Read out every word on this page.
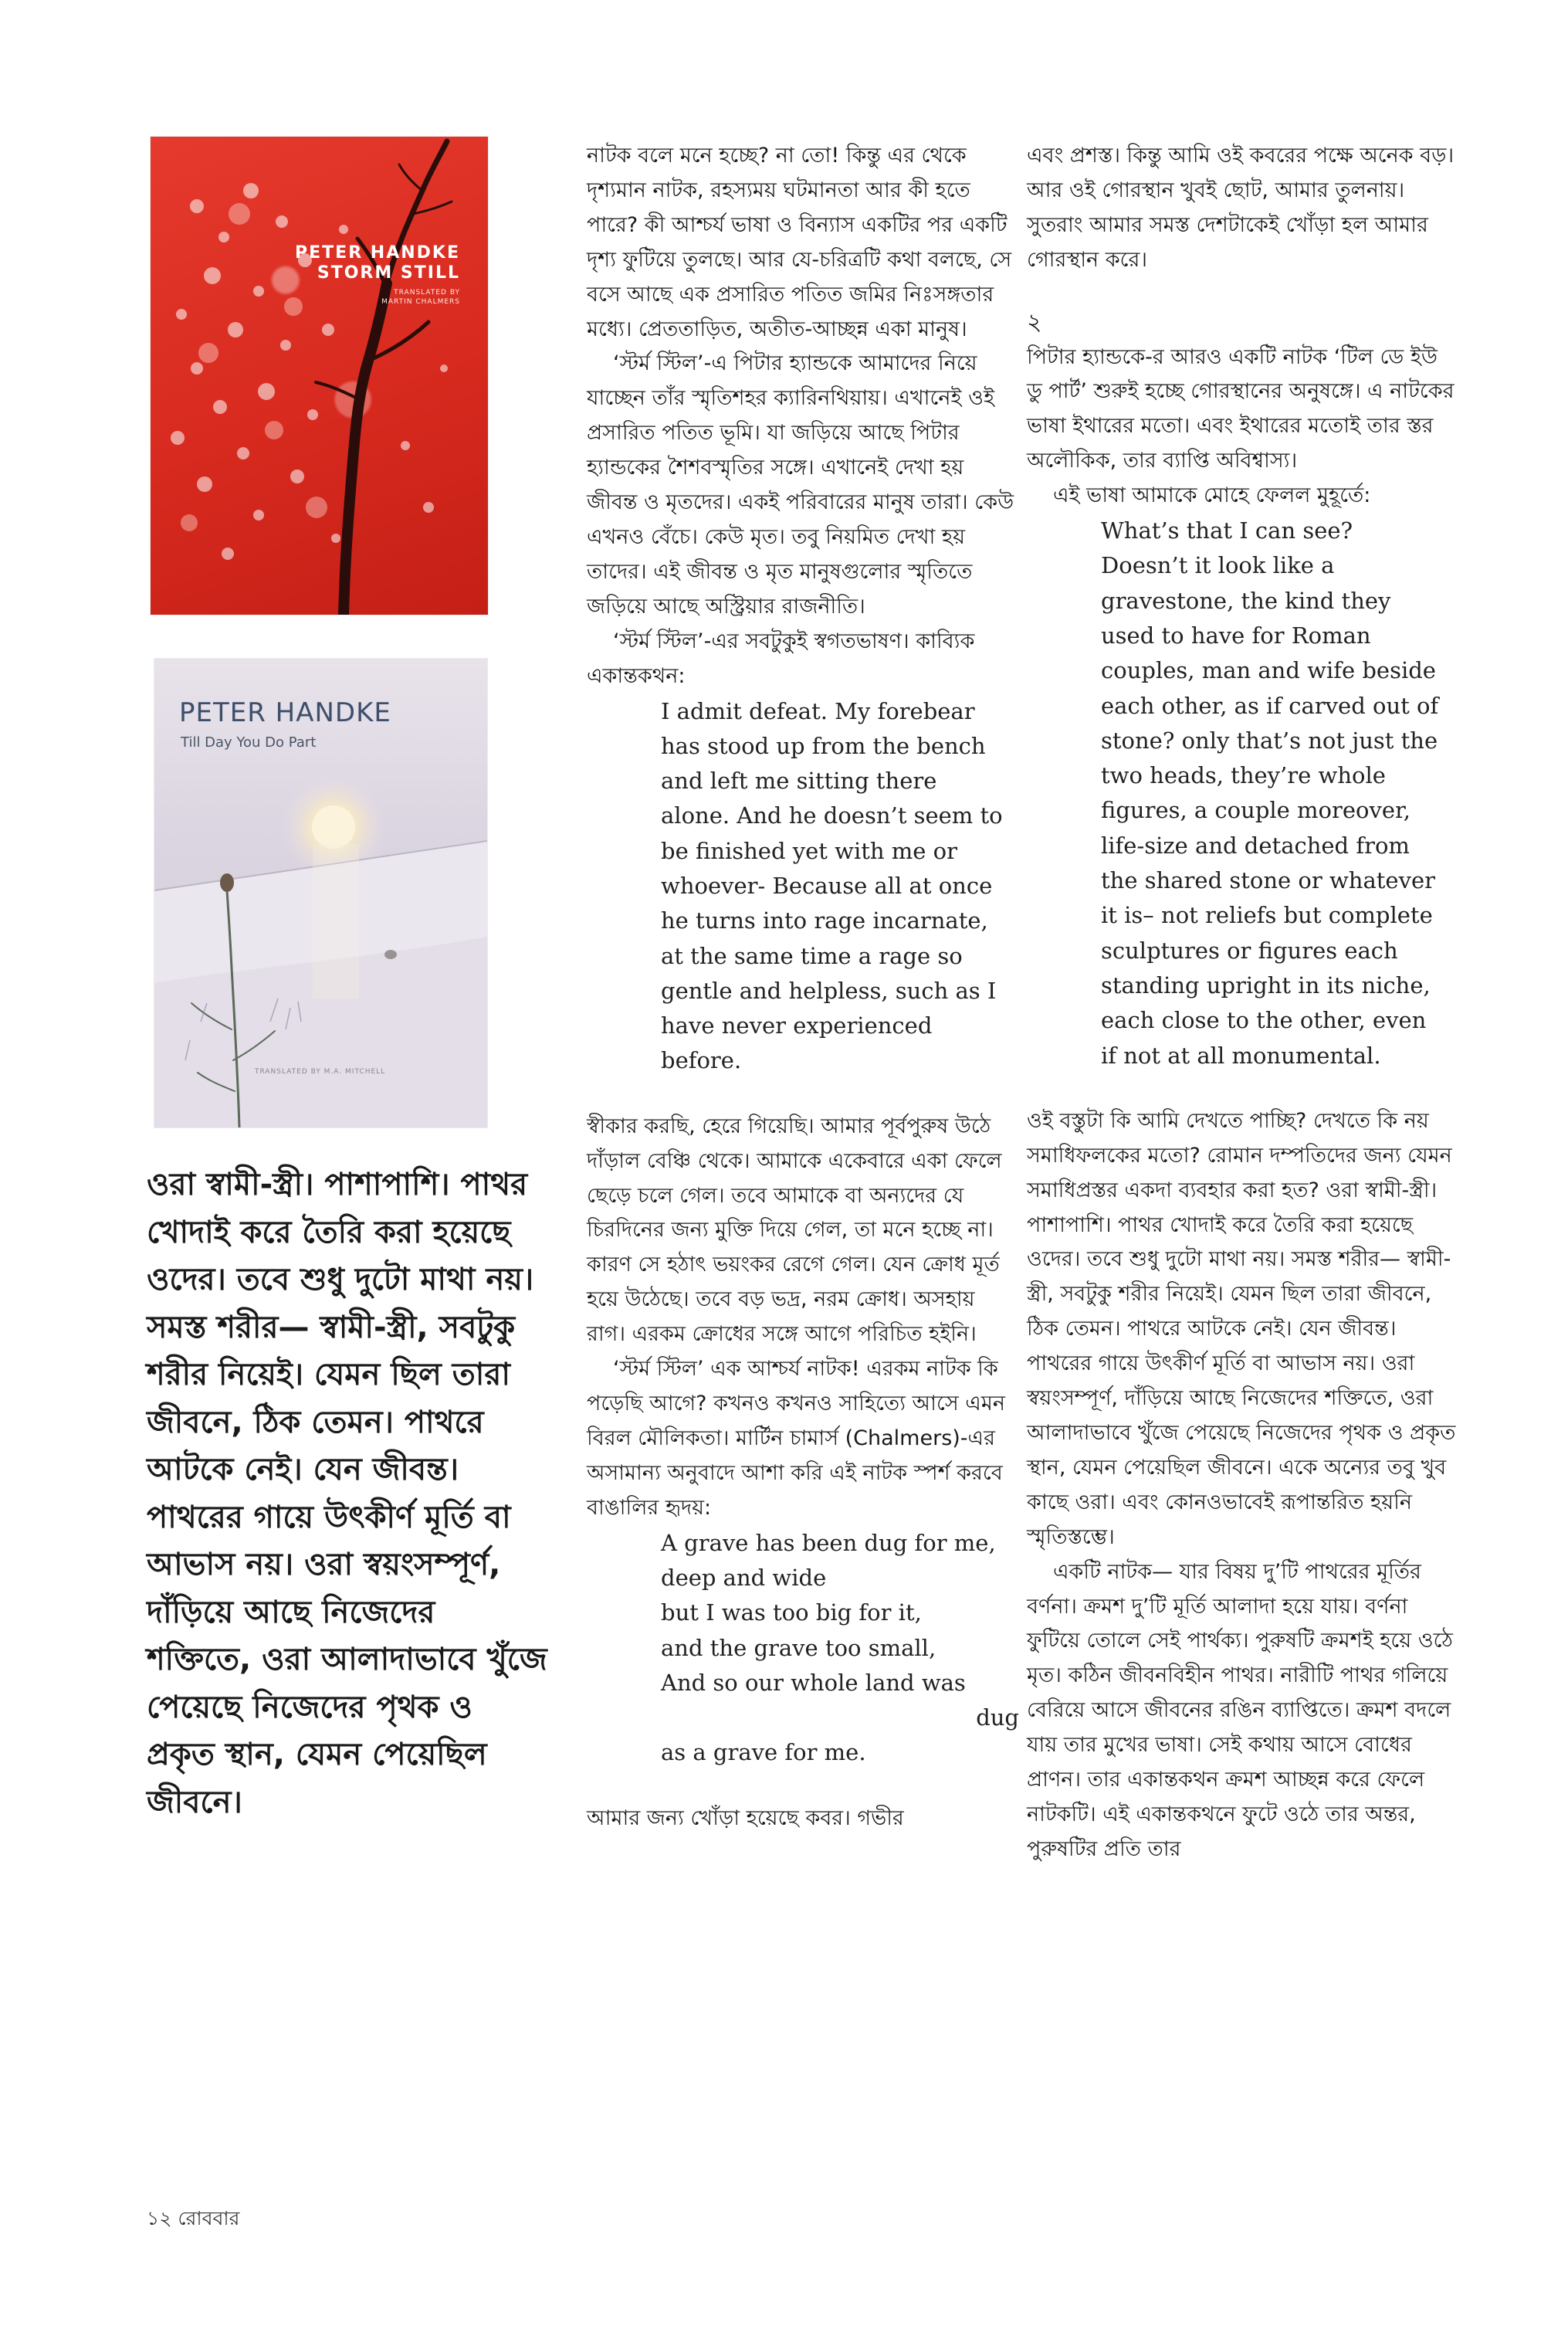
PETER HANDKE
STORM STILL
TRANSLATED BY
MARTIN CHALMERS
PETER HANDKE
Till Day You Do Part
TRANSLATED BY M.A. MITCHELL

ওরা স্বামী-স্ত্রী। পাশাপাশি। পাথর খোদাই করে তৈরি করা হয়েছে ওদের। তবে শুধু দুটো মাথা নয়। সমস্ত শরীর— স্বামী-স্ত্রী, সবটুকু শরীর নিয়েই। যেমন ছিল তারা জীবনে, ঠিক তেমন। পাথরে আটকে নেই। যেন জীবন্ত। পাথরের গায়ে উৎকীর্ণ মূর্তি বা আভাস নয়। ওরা স্বয়ংসম্পূর্ণ, দাঁড়িয়ে আছে নিজেদের শক্তিতে, ওরা আলাদাভাবে খুঁজে পেয়েছে নিজেদের পৃথক ও প্রকৃত স্থান, যেমন পেয়েছিল জীবনে।

নাটক বলে মনে হচ্ছে? না তো! কিন্তু এর থেকে দৃশ্যমান নাটক, রহস্যময় ঘটমানতা আর কী হতে পারে? কী আশ্চর্য ভাষা ও বিন্যাস একটির পর একটি দৃশ্য ফুটিয়ে তুলছে। আর যে-চরিত্রটি কথা বলছে, সে বসে আছে এক প্রসারিত পতিত জমির নিঃসঙ্গতার মধ্যে। প্রেততাড়িত, অতীত-আচ্ছন্ন একা মানুষ।

‘স্টর্ম স্টিল’-এ পিটার হ্যান্ডকে আমাদের নিয়ে যাচ্ছেন তাঁর স্মৃতিশহর ক্যারিনথিয়ায়। এখানেই ওই প্রসারিত পতিত ভূমি। যা জড়িয়ে আছে পিটার হ্যান্ডকের শৈশবস্মৃতির সঙ্গে। এখানেই দেখা হয় জীবন্ত ও মৃতদের। একই পরিবারের মানুষ তারা। কেউ এখনও বেঁচে। কেউ মৃত। তবু নিয়মিত দেখা হয় তাদের। এই জীবন্ত ও মৃত মানুষগুলোর স্মৃতিতে জড়িয়ে আছে অস্ট্রিয়ার রাজনীতি।

‘স্টর্ম স্টিল’-এর সবটুকুই স্বগতভাষণ। কাব্যিক একান্তকথন:

I admit defeat. My forebear
has stood up from the bench
and left me sitting there
alone. And he doesn’t seem to
be finished yet with me or
whoever- Because all at once
he turns into rage incarnate,
at the same time a rage so
gentle and helpless, such as I
have never experienced
before.

স্বীকার করছি, হেরে গিয়েছি। আমার পূর্বপুরুষ উঠে দাঁড়াল বেঞ্চি থেকে। আমাকে একেবারে একা ফেলে ছেড়ে চলে গেল। তবে আমাকে বা অন্যদের যে চিরদিনের জন্য মুক্তি দিয়ে গেল, তা মনে হচ্ছে না। কারণ সে হঠাৎ ভয়ংকর রেগে গেল। যেন ক্রোধ মূর্ত হয়ে উঠেছে। তবে বড় ভদ্র, নরম ক্রোধ। অসহায় রাগ। এরকম ক্রোধের সঙ্গে আগে পরিচিত হইনি।

‘স্টর্ম স্টিল’ এক আশ্চর্য নাটক! এরকম নাটক কি পড়েছি আগে? কখনও কখনও সাহিত্যে আসে এমন বিরল মৌলিকতা। মার্টিন চামার্স (Chalmers)-এর অসামান্য অনুবাদে আশা করি এই নাটক স্পর্শ করবে বাঙালির হৃদয়:

A grave has been dug for me,
deep and wide
but I was too big for it,
and the grave too small,
And so our whole land was
dug
as a grave for me.

আমার জন্য খোঁড়া হয়েছে কবর। গভীর

এবং প্রশস্ত। কিন্তু আমি ওই কবরের পক্ষে অনেক বড়। আর ওই গোরস্থান খুবই ছোট, আমার তুলনায়। সুতরাং আমার সমস্ত দেশটাকেই খোঁড়া হল আমার গোরস্থান করে।

২

পিটার হ্যান্ডকে-র আরও একটি নাটক ‘টিল ডে ইউ ডু পার্ট’ শুরুই হচ্ছে গোরস্থানের অনুষঙ্গে। এ নাটকের ভাষা ইথারের মতো। এবং ইথারের মতোই তার স্তর অলৌকিক, তার ব্যাপ্তি অবিশ্বাস্য।

এই ভাষা আমাকে মোহে ফেলল মুহূর্তে:

What’s that I can see?
Doesn’t it look like a
gravestone, the kind they
used to have for Roman
couples, man and wife beside
each other, as if carved out of
stone? only that’s not just the
two heads, they’re whole
figures, a couple moreover,
life-size and detached from
the shared stone or whatever
it is– not reliefs but complete
sculptures or figures each
standing upright in its niche,
each close to the other, even
if not at all monumental.

ওই বস্তুটা কি আমি দেখতে পাচ্ছি? দেখতে কি নয় সমাধিফলকের মতো? রোমান দম্পতিদের জন্য যেমন সমাধিপ্রস্তর একদা ব্যবহার করা হত? ওরা স্বামী-স্ত্রী। পাশাপাশি। পাথর খোদাই করে তৈরি করা হয়েছে ওদের। তবে শুধু দুটো মাথা নয়। সমস্ত শরীর— স্বামী-স্ত্রী, সবটুকু শরীর নিয়েই। যেমন ছিল তারা জীবনে, ঠিক তেমন। পাথরে আটকে নেই। যেন জীবন্ত। পাথরের গায়ে উৎকীর্ণ মূর্তি বা আভাস নয়। ওরা স্বয়ংসম্পূর্ণ, দাঁড়িয়ে আছে নিজেদের শক্তিতে, ওরা আলাদাভাবে খুঁজে পেয়েছে নিজেদের পৃথক ও প্রকৃত স্থান, যেমন পেয়েছিল জীবনে। একে অন্যের তবু খুব কাছে ওরা। এবং কোনওভাবেই রূপান্তরিত হয়নি স্মৃতিস্তম্ভে।

একটি নাটক— যার বিষয় দু’টি পাথরের মূর্তির বর্ণনা। ক্রমশ দু’টি মূর্তি আলাদা হয়ে যায়। বর্ণনা ফুটিয়ে তোলে সেই পার্থক্য। পুরুষটি ক্রমশই হয়ে ওঠে মৃত। কঠিন জীবনবিহীন পাথর। নারীটি পাথর গলিয়ে বেরিয়ে আসে জীবনের রঙিন ব্যাপ্তিতে। ক্রমশ বদলে যায় তার মুখের ভাষা। সেই কথায় আসে বোধের প্রাণন। তার একান্তকথন ক্রমশ আচ্ছন্ন করে ফেলে নাটকটি। এই একান্তকথনে ফুটে ওঠে তার অন্তর, পুরুষটির প্রতি তার

১২ রোববার
